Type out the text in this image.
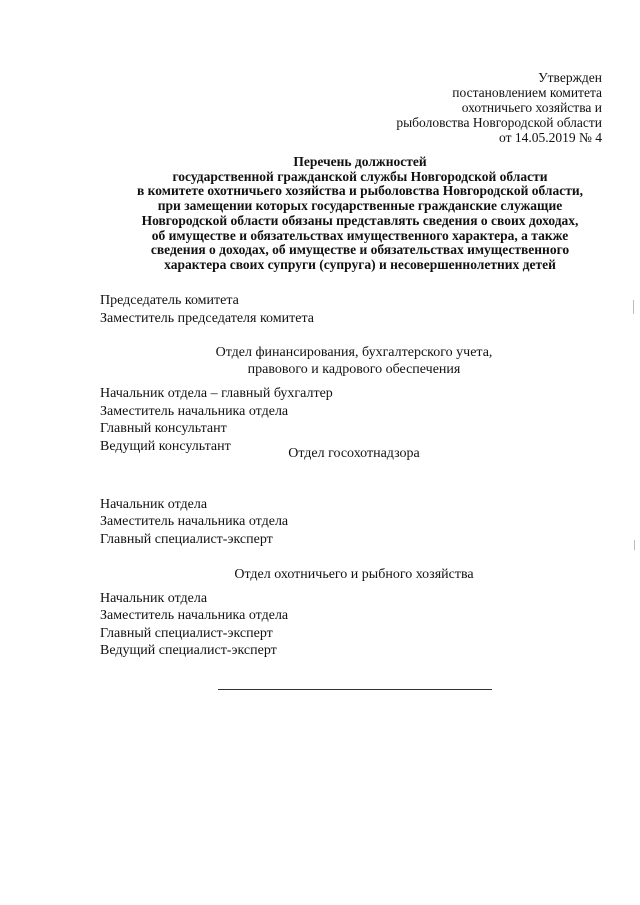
Утвержден
постановлением комитета
охотничьего хозяйства и
рыболовства Новгородской области
от 14.05.2019 № 4
Перечень должностей
государственной гражданской службы Новгородской области
в комитете охотничьего хозяйства и рыболовства Новгородской области,
при замещении которых государственные гражданские служащие
Новгородской области обязаны представлять сведения о своих доходах,
об имуществе и обязательствах имущественного характера, а также
сведения о доходах, об имуществе и обязательствах имущественного
характера своих супруги (супруга) и несовершеннолетних детей
Председатель комитета
Заместитель председателя комитета
Отдел финансирования, бухгалтерского учета,
правового и кадрового обеспечения
Начальник отдела – главный бухгалтер
Заместитель начальника отдела
Главный консультант
Ведущий консультант	Отдел госохотнадзора
Начальник отдела
Заместитель начальника отдела
Главный специалист-эксперт
Отдел охотничьего и рыбного хозяйства
Начальник отдела
Заместитель начальника отдела
Главный специалист-эксперт
Ведущий специалист-эксперт
